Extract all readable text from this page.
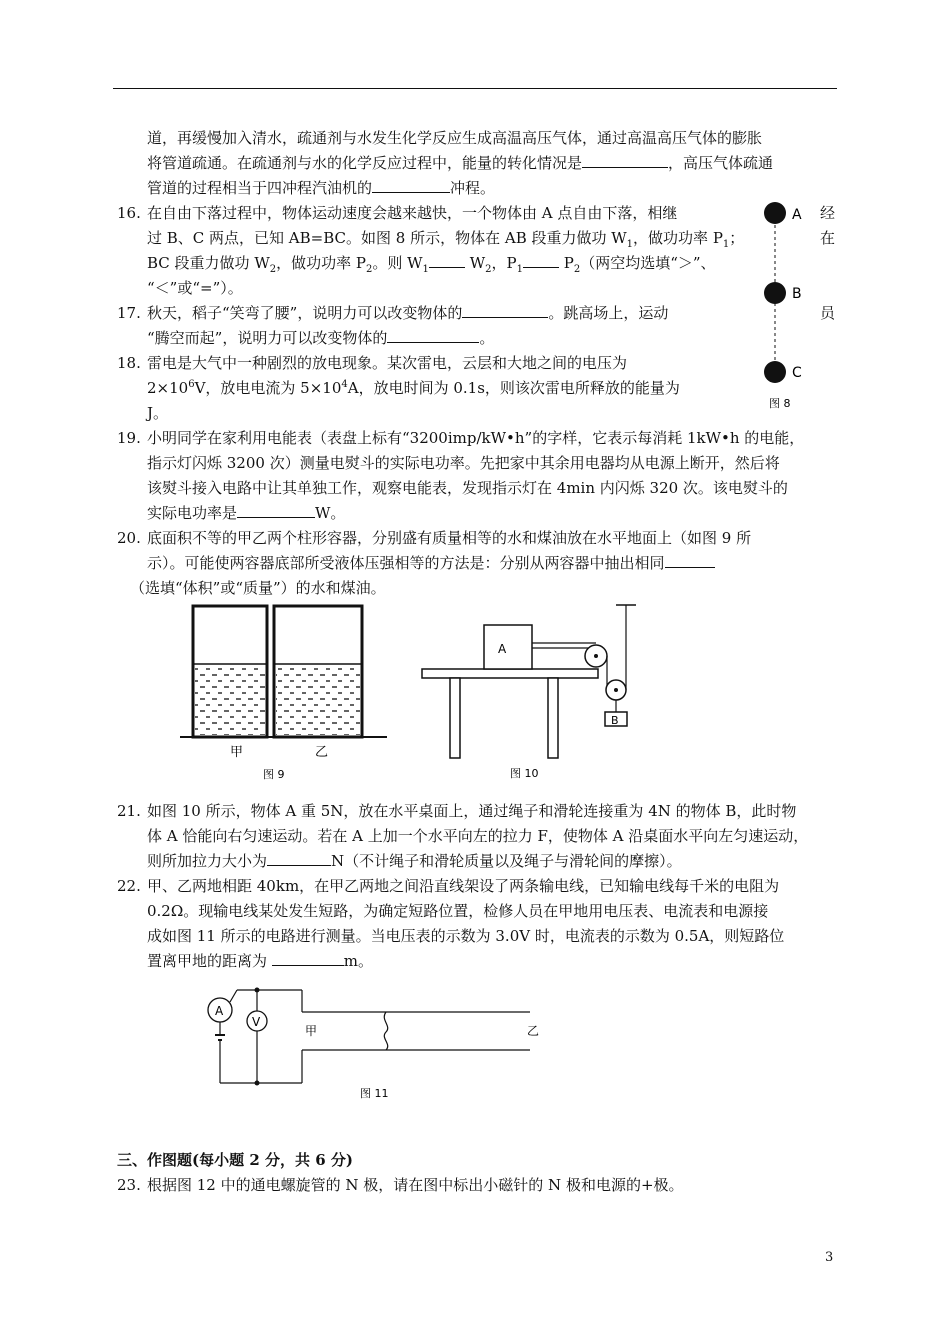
道，再缓慢加入清水，疏通剂与水发生化学反应生成高温高压气体，通过高温高压气体的膨胀
将管道疏通。在疏通剂与水的化学反应过程中，能量的转化情况是	，高压气体疏通
管道的过程相当于四冲程汽油机的	冲程。
16. 在自由下落过程中，物体运动速度会越来越快，一个物体由 A 点自由下落，相继	经
过 B、C 两点，已知 AB=BC。如图 8 所示，物体在 AB 段重力做功 $W_1$，做功功率 $P_1$；	在
BC 段重力做功 $W_2$，做功功率 $P_2$。则 $W_1$ $W_2$，$P_1$ $P_2$（两空均选填“＞”、
“＜”或“=”）。
17. 秋天，稻子“笑弯了腰”，说明力可以改变物体的	。跳高场上，运动	员
“腾空而起”，说明力可以改变物体的	。
18. 雷电是大气中一种剧烈的放电现象。某次雷电，云层和大地之间的电压为
$2\times 10^6V$，放电电流为 $5\times 10^4A$，放电时间为 0.1s，则该次雷电所释放的能量为
J。
A
B
C
图 8
19. 小明同学在家利用电能表（表盘上标有“3200imp/kW•h”的字样，它表示每消耗 1kW•h 的电能，
指示灯闪烁 3200 次）测量电熨斗的实际电功率。先把家中其余用电器均从电源上断开，然后将
该熨斗接入电路中让其单独工作，观察电能表，发现指示灯在 4min 内闪烁 320 次。该电熨斗的
实际电功率是	W。
20. 底面积不等的甲乙两个柱形容器，分别盛有质量相等的水和煤油放在水平地面上（如图 9 所
示）。可能使两容器底部所受液体压强相等的方法是：分别从两容器中抽出相同
（选填“体积”或“质量”）的水和煤油。
甲	乙
图 9
A
B
图 10
21. 如图 10 所示，物体 A 重 5N，放在水平桌面上，通过绳子和滑轮连接重为 4N 的物体 B，此时物
体 A 恰能向右匀速运动。若在 A 上加一个水平向左的拉力 F，使物体 A 沿桌面水平向左匀速运动，
则所加拉力大小为	N（不计绳子和滑轮质量以及绳子与滑轮间的摩擦）。
22. 甲、乙两地相距 40km，在甲乙两地之间沿直线架设了两条输电线，已知输电线每千米的电阻为
0.2Ω。现输电线某处发生短路，为确定短路位置，检修人员在甲地用电压表、电流表和电源接
成如图 11 所示的电路进行测量。当电压表的示数为 3.0V 时，电流表的示数为 0.5A，则短路位
置离甲地的距离为	m。
A
V
甲	乙
图 11
三、作图题(每小题 2 分，共 6 分)
23. 根据图 12 中的通电螺旋管的 N 极，请在图中标出小磁针的 N 极和电源的+极。
3
